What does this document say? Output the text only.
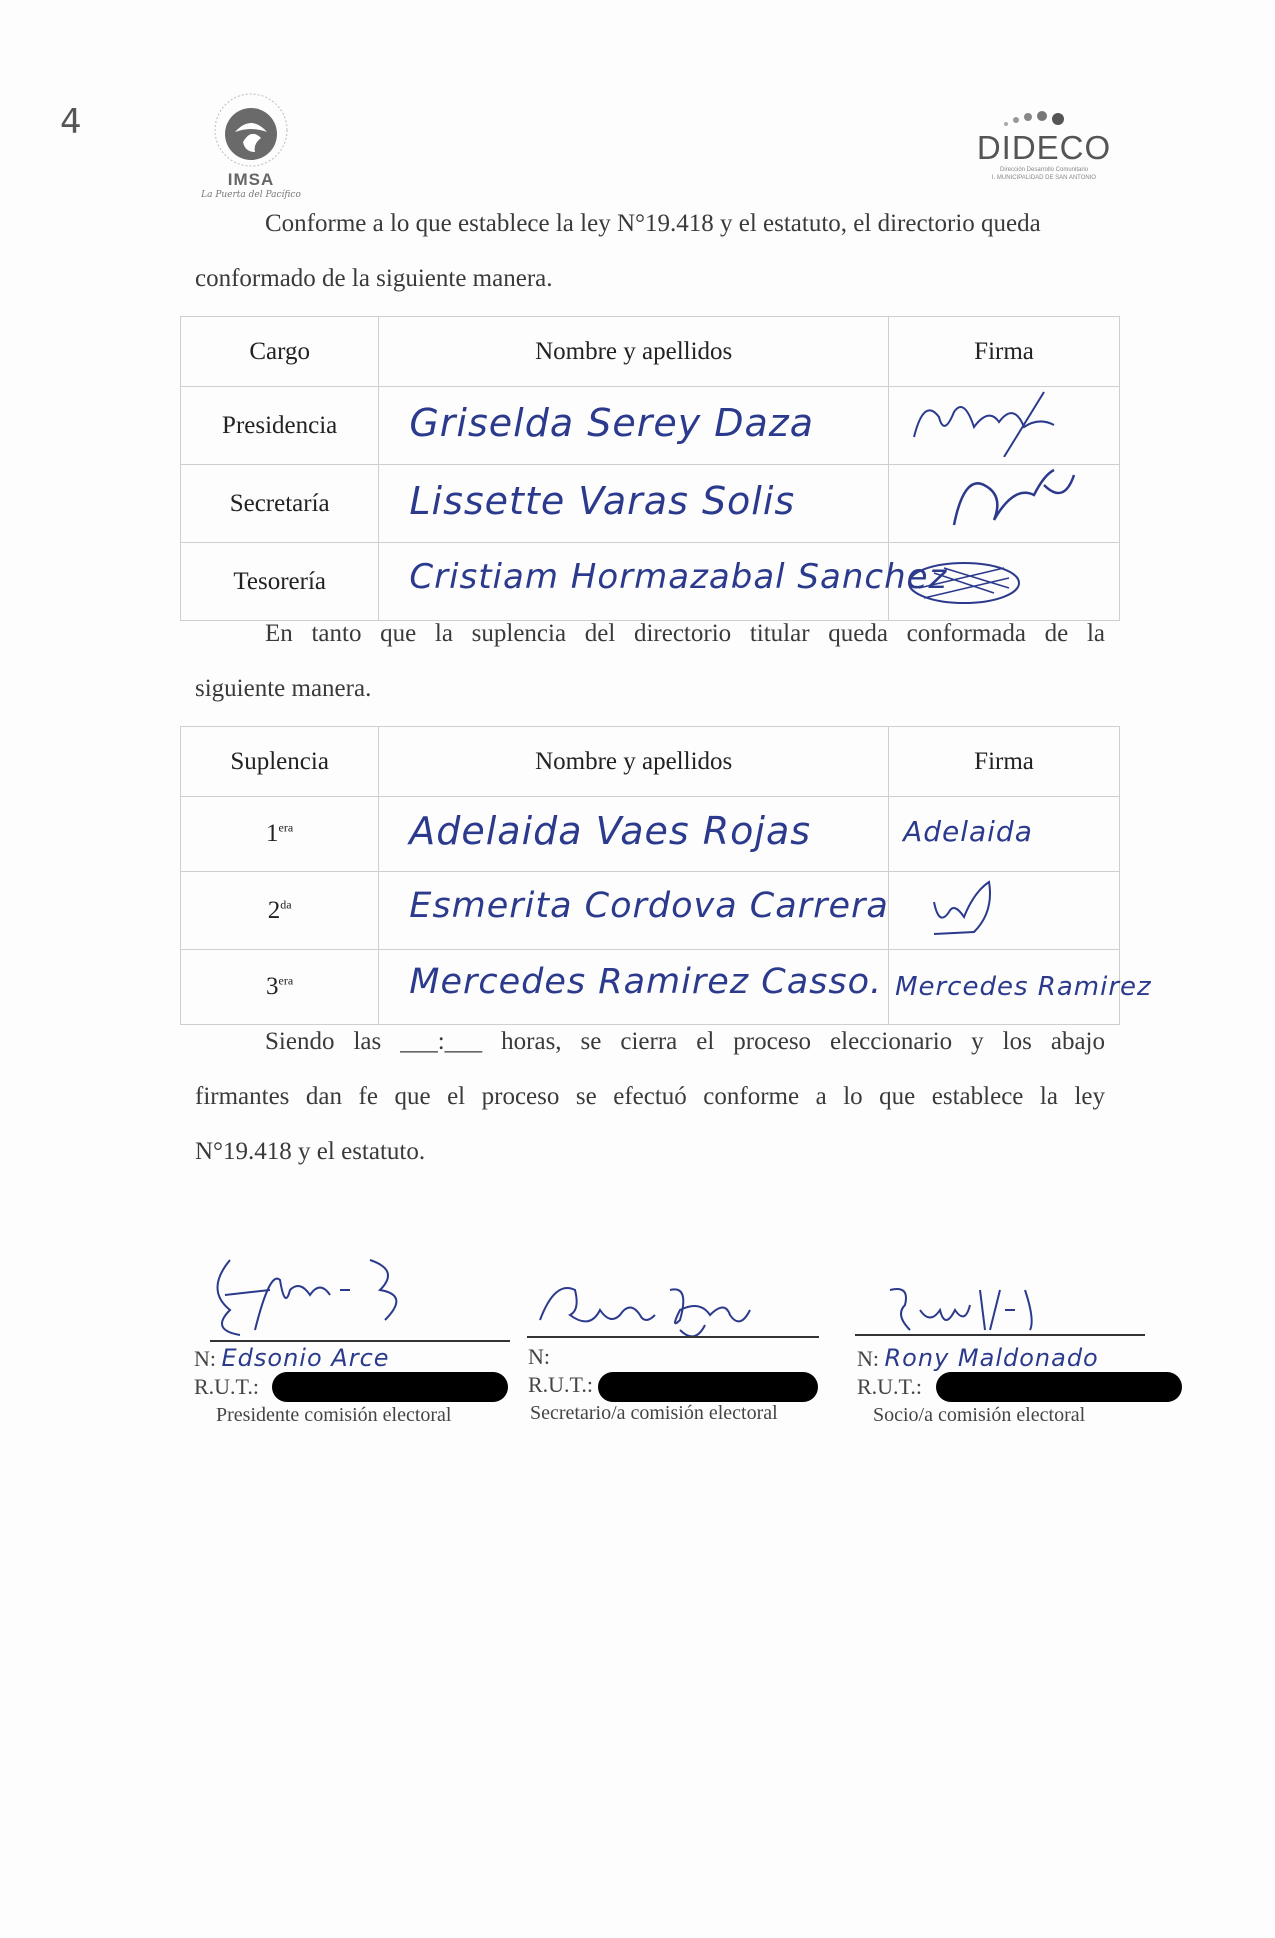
4
IMSA
La Puerta del Pacífico
DIDECO
Dirección Desarrollo Comunitario
I. MUNICIPALIDAD DE SAN ANTONIO
Conforme a lo que establece la ley N°19.418 y el estatuto, el directorio queda
conformado de la siguiente manera.
Cargo	Nombre y apellidos	Firma
Presidencia	Griselda Serey Daza

Secretaría	Lissette Varas Solis

Tesorería	Cristiam Hormazabal Sanchez

En tanto que la suplencia del directorio titular queda conformada de la
siguiente manera.
Suplencia	Nombre y apellidos	Firma
$1^{era}$	Adelaida Vaes Rojas	Adelaida

$2^{da}$	Esmerita Cordova Carrera

$3^{era}$	Mercedes Ramirez Casso.	Mercedes Ramirez
Siendo las ___:___ horas, se cierra el proceso eleccionario y los abajo
firmantes dan fe que el proceso se efectuó conforme a lo que establece la ley
N°19.418 y el estatuto.
N: Edsonio Arce
R.U.T.:
Presidente comisión electoral
N:
R.U.T.:
Secretario/a comisión electoral
N: Rony Maldonado
R.U.T.:
Socio/a comisión electoral
